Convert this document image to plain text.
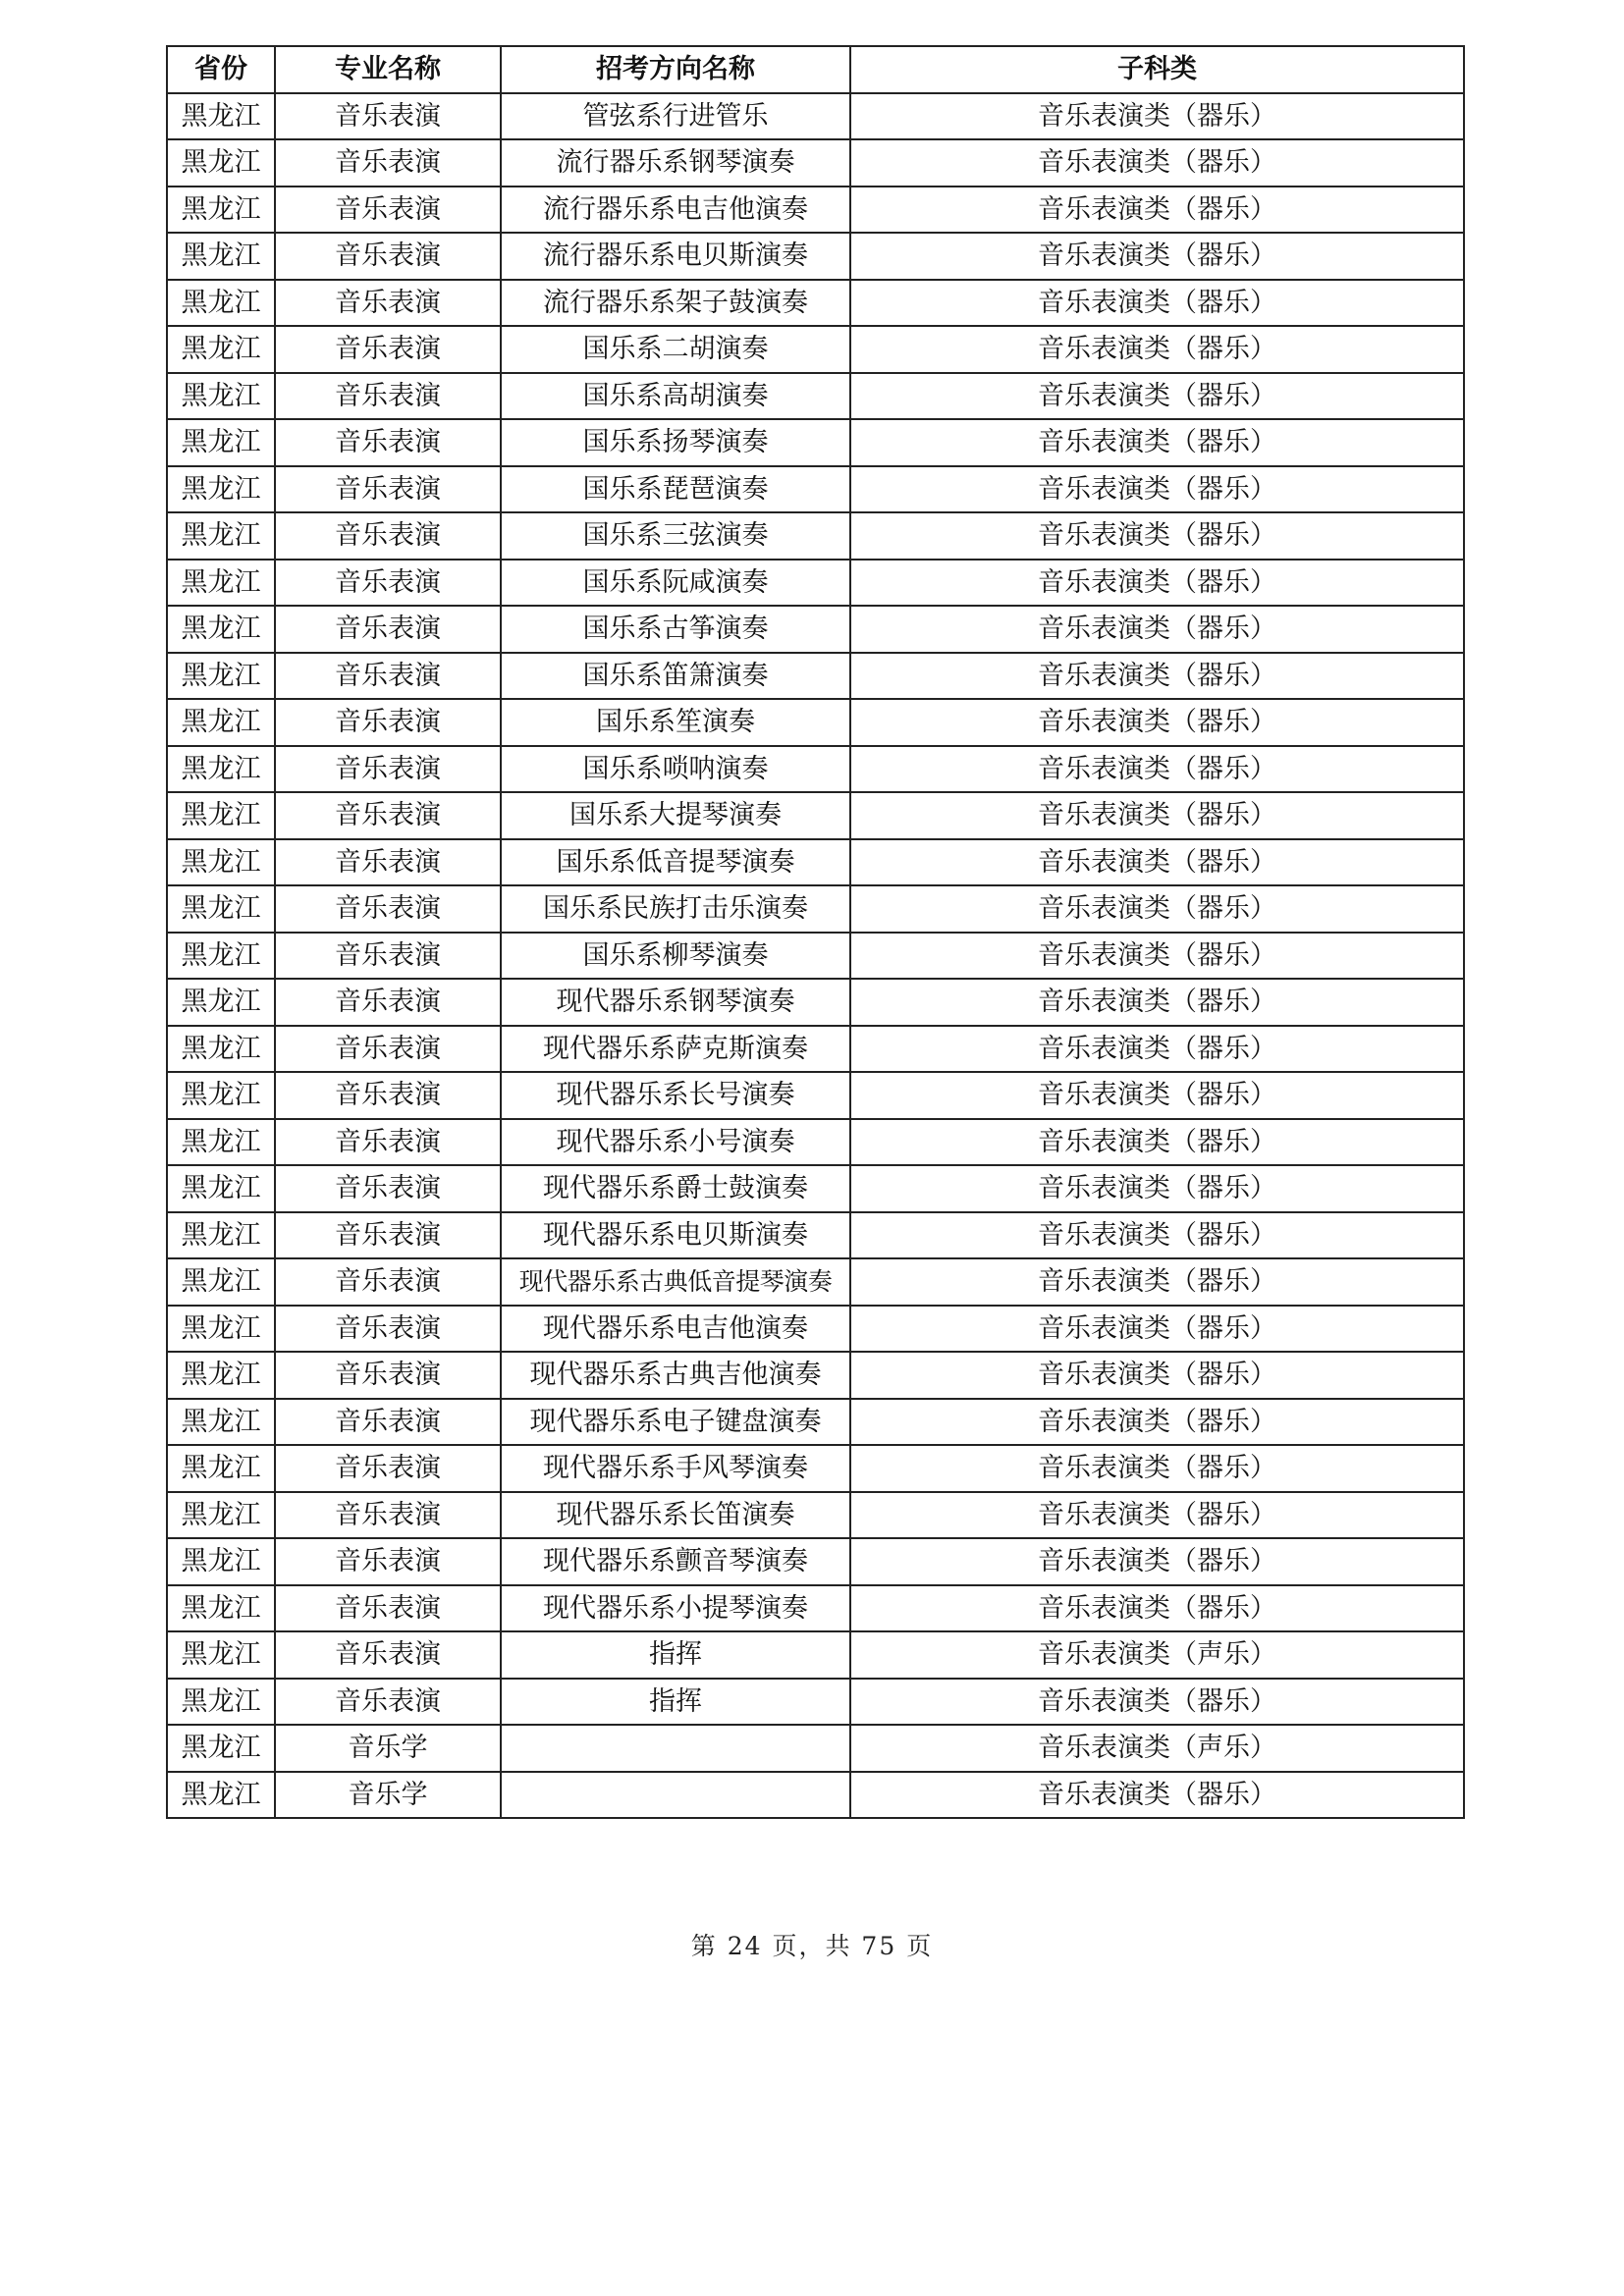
省份	专业名称	招考方向名称	子科类
黑龙江	音乐表演	管弦系行进管乐	音乐表演类（器乐）
黑龙江	音乐表演	流行器乐系钢琴演奏	音乐表演类（器乐）
黑龙江	音乐表演	流行器乐系电吉他演奏	音乐表演类（器乐）
黑龙江	音乐表演	流行器乐系电贝斯演奏	音乐表演类（器乐）
黑龙江	音乐表演	流行器乐系架子鼓演奏	音乐表演类（器乐）
黑龙江	音乐表演	国乐系二胡演奏	音乐表演类（器乐）
黑龙江	音乐表演	国乐系高胡演奏	音乐表演类（器乐）
黑龙江	音乐表演	国乐系扬琴演奏	音乐表演类（器乐）
黑龙江	音乐表演	国乐系琵琶演奏	音乐表演类（器乐）
黑龙江	音乐表演	国乐系三弦演奏	音乐表演类（器乐）
黑龙江	音乐表演	国乐系阮咸演奏	音乐表演类（器乐）
黑龙江	音乐表演	国乐系古筝演奏	音乐表演类（器乐）
黑龙江	音乐表演	国乐系笛箫演奏	音乐表演类（器乐）
黑龙江	音乐表演	国乐系笙演奏	音乐表演类（器乐）
黑龙江	音乐表演	国乐系唢呐演奏	音乐表演类（器乐）
黑龙江	音乐表演	国乐系大提琴演奏	音乐表演类（器乐）
黑龙江	音乐表演	国乐系低音提琴演奏	音乐表演类（器乐）
黑龙江	音乐表演	国乐系民族打击乐演奏	音乐表演类（器乐）
黑龙江	音乐表演	国乐系柳琴演奏	音乐表演类（器乐）
黑龙江	音乐表演	现代器乐系钢琴演奏	音乐表演类（器乐）
黑龙江	音乐表演	现代器乐系萨克斯演奏	音乐表演类（器乐）
黑龙江	音乐表演	现代器乐系长号演奏	音乐表演类（器乐）
黑龙江	音乐表演	现代器乐系小号演奏	音乐表演类（器乐）
黑龙江	音乐表演	现代器乐系爵士鼓演奏	音乐表演类（器乐）
黑龙江	音乐表演	现代器乐系电贝斯演奏	音乐表演类（器乐）
黑龙江	音乐表演	现代器乐系古典低音提琴演奏	音乐表演类（器乐）
黑龙江	音乐表演	现代器乐系电吉他演奏	音乐表演类（器乐）
黑龙江	音乐表演	现代器乐系古典吉他演奏	音乐表演类（器乐）
黑龙江	音乐表演	现代器乐系电子键盘演奏	音乐表演类（器乐）
黑龙江	音乐表演	现代器乐系手风琴演奏	音乐表演类（器乐）
黑龙江	音乐表演	现代器乐系长笛演奏	音乐表演类（器乐）
黑龙江	音乐表演	现代器乐系颤音琴演奏	音乐表演类（器乐）
黑龙江	音乐表演	现代器乐系小提琴演奏	音乐表演类（器乐）
黑龙江	音乐表演	指挥	音乐表演类（声乐）
黑龙江	音乐表演	指挥	音乐表演类（器乐）
黑龙江	音乐学		音乐表演类（声乐）
黑龙江	音乐学		音乐表演类（器乐）
第 24 页，共 75 页
